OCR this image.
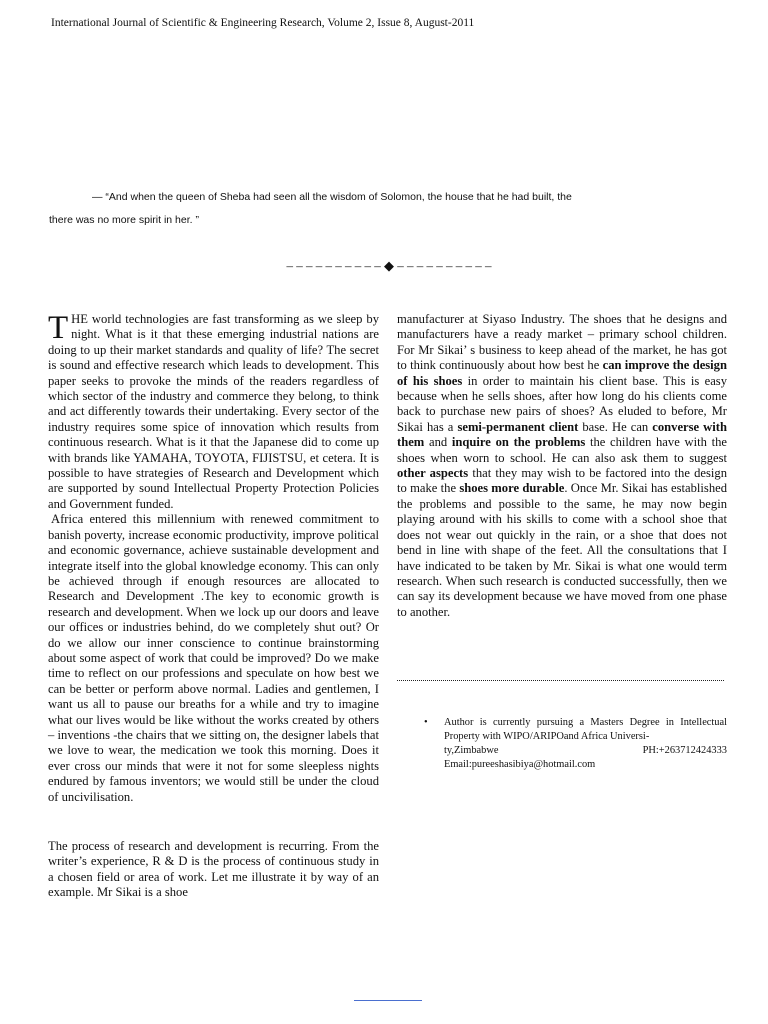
International Journal of Scientific & Engineering Research, Volume 2, Issue 8, August-2011
— “And when the queen of Sheba had seen all the wisdom of Solomon, the house that he had built, the
there was no more spirit in her. ”
– – – – – – – – – – ◆ – – – – – – – – – –

THE world technologies are fast transforming as we sleep by night. What is it that these emerging industrial nations are doing to up their market standards and quality of life? The secret is sound and effective research which leads to development. This paper seeks to provoke the minds of the readers regardless of which sector of the industry and commerce they belong, to think and act differently towards their undertaking. Every sector of the industry requires some spice of innovation which results from continuous research. What is it that the Japanese did to come up with brands like YAMAHA, TOYOTA, FIJISTSU, et cetera. It is possible to have strategies of Research and Development which are supported by sound Intellectual Property Protection Policies and Government funded.

Africa entered this millennium with renewed commitment to banish poverty, increase economic productivity, improve political and economic governance, achieve sustainable development and integrate itself into the global knowledge economy. This can only be achieved through if enough resources are allocated to Research and Development .The key to economic growth is research and development. When we lock up our doors and leave our offices or industries behind, do we completely shut out? Or do we allow our inner conscience to continue brainstorming about some aspect of work that could be improved? Do we make time to reflect on our professions and speculate on how best we can be better or perform above normal. Ladies and gentlemen, I want us all to pause our breaths for a while and try to imagine what our lives would be like without the works created by others – inventions -the chairs that we sitting on, the designer labels that we love to wear, the medication we took this morning. Does it ever cross our minds that were it not for some sleepless nights endured by famous inventors; we would still be under the cloud of uncivilisation.

The process of research and development is recurring. From the writer’s experience, R & D is the process of continuous study in a chosen field or area of work. Let me illustrate it by way of an example. Mr Sikai is a shoe

manufacturer at Siyaso Industry. The shoes that he designs and manufacturers have a ready market – primary school children. For Mr Sikai’ s business to keep ahead of the market, he has got to think continuously about how best he can improve the design of his shoes in order to maintain his client base. This is easy because when he sells shoes, after how long do his clients come back to purchase new pairs of shoes? As eluded to before, Mr Sikai has a semi-permanent client base. He can converse with them and inquire on the problems the children have with the shoes when worn to school. He can also ask them to suggest other aspects that they may wish to be factored into the design to make the shoes more durable. Once Mr. Sikai has established the problems and possible to the same, he may now begin playing around with his skills to come with a school shoe that does not wear out quickly in the rain, or a shoe that does not bend in line with shape of the feet. All the consultations that I have indicated to be taken by Mr. Sikai is what one would term research. When such research is conducted successfully, then we can say its development because we have moved from one phase to another.

• Author is currently pursuing a Masters Degree in Intellectual Property with WIPO/ARIPOand Africa Universi-
ty,Zimbabwe	PH:+263712424333
Email:pureeshasibiya@hotmail.com
